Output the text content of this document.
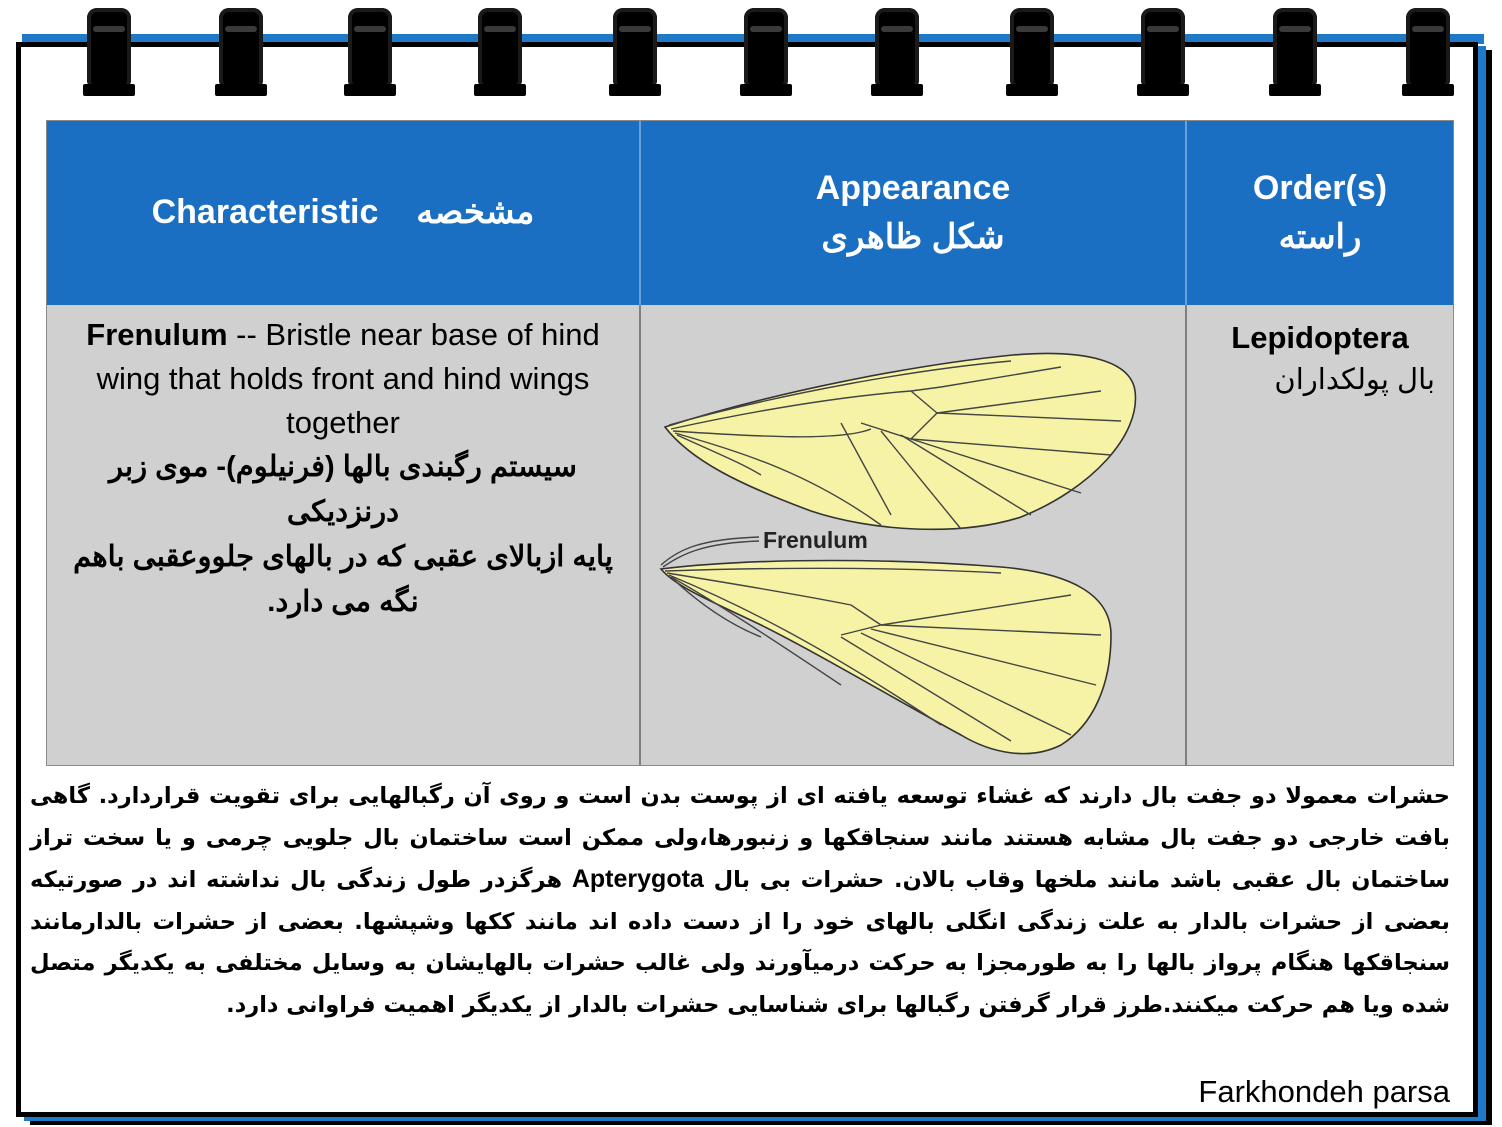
Characteristic مشخصه
Appearance
شکل ظاهری
Order(s)
راسته
Frenulum -- Bristle near base of hind wing that holds front and hind wings together
سیستم رگبندی بالها (فرنیلوم)- موی زبر درنزدیکی
پایه ازبالای عقبی که در بالهای جلووعقبی باهم نگه می دارد.
Frenulum
Lepidoptera
بال پولکداران
حشرات معمولا دو جفت بال دارند که غشاء توسعه یافته ای از پوست بدن است و روی آن رگبالهایی برای تقویت قراردارد. گاهی بافت خارجی دو جفت بال مشابه هستند مانند سنجاقکها و زنبورها،ولی ممکن است ساختمان بال جلویی چرمی و یا سخت تراز ساختمان بال عقبی باشد مانند ملخها وقاب بالان. حشرات بی بال Apterygota هرگزدر طول زندگی بال نداشته اند در صورتیکه بعضی از حشرات بالدار به علت زندگی انگلی بالهای خود را از دست داده اند مانند ککها وشپشها. بعضی از حشرات بالدارمانند سنجاقکها هنگام پرواز بالها را به طورمجزا به حرکت درمیآورند ولی غالب حشرات بالهایشان به وسایل مختلفی به یکدیگر متصل شده ویا هم حرکت میکنند.طرز قرار گرفتن رگبالها برای شناسایی حشرات بالدار از یکدیگر اهمیت فراوانی دارد.
Farkhondeh parsa
